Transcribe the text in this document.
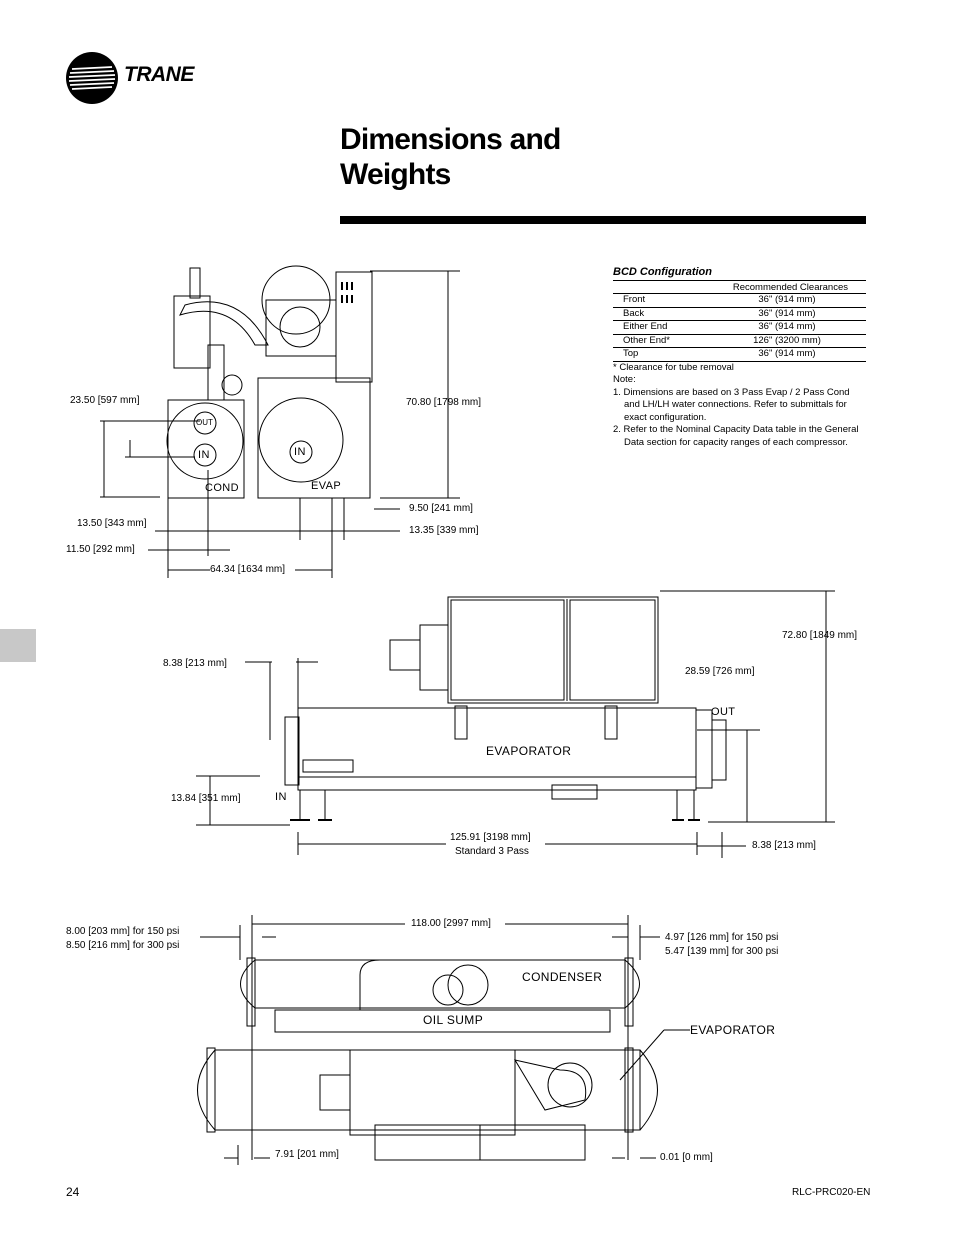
TRANE
Dimensions and
Weights
BCD Configuration
Recommended Clearances	
Front	36" (914 mm)
Back	36" (914 mm)
Either End	36" (914 mm)
Other End*	126" (3200 mm)
Top	36" (914 mm)
* Clearance for tube removal
Note:
1. Dimensions are based on 3 Pass Evap / 2 Pass Cond and LH/LH water connections. Refer to submittals for exact configuration.
2. Refer to the Nominal Capacity Data table in the General Data section for capacity ranges of each compressor.
23.50 [597 mm]	70.80 [1798 mm]
9.50 [241 mm]
13.35 [339 mm]
13.50 [343 mm]
11.50 [292 mm]
64.34 [1634 mm]
COND	EVAP
OUT
IN	IN
72.80 [1849 mm]
8.38 [213 mm]
28.59 [726 mm]
OUT
EVAPORATOR
13.84 [351 mm]	IN
125.91 [3198 mm]
Standard 3 Pass
8.38 [213 mm]
8.00 [203 mm] for 150 psi
8.50 [216 mm] for 300 psi
118.00 [2997 mm]
4.97 [126 mm] for 150 psi
5.47 [139 mm] for 300 psi
CONDENSER
OIL SUMP
EVAPORATOR
7.91 [201 mm]	0.01 [0 mm]
24	RLC-PRC020-EN
